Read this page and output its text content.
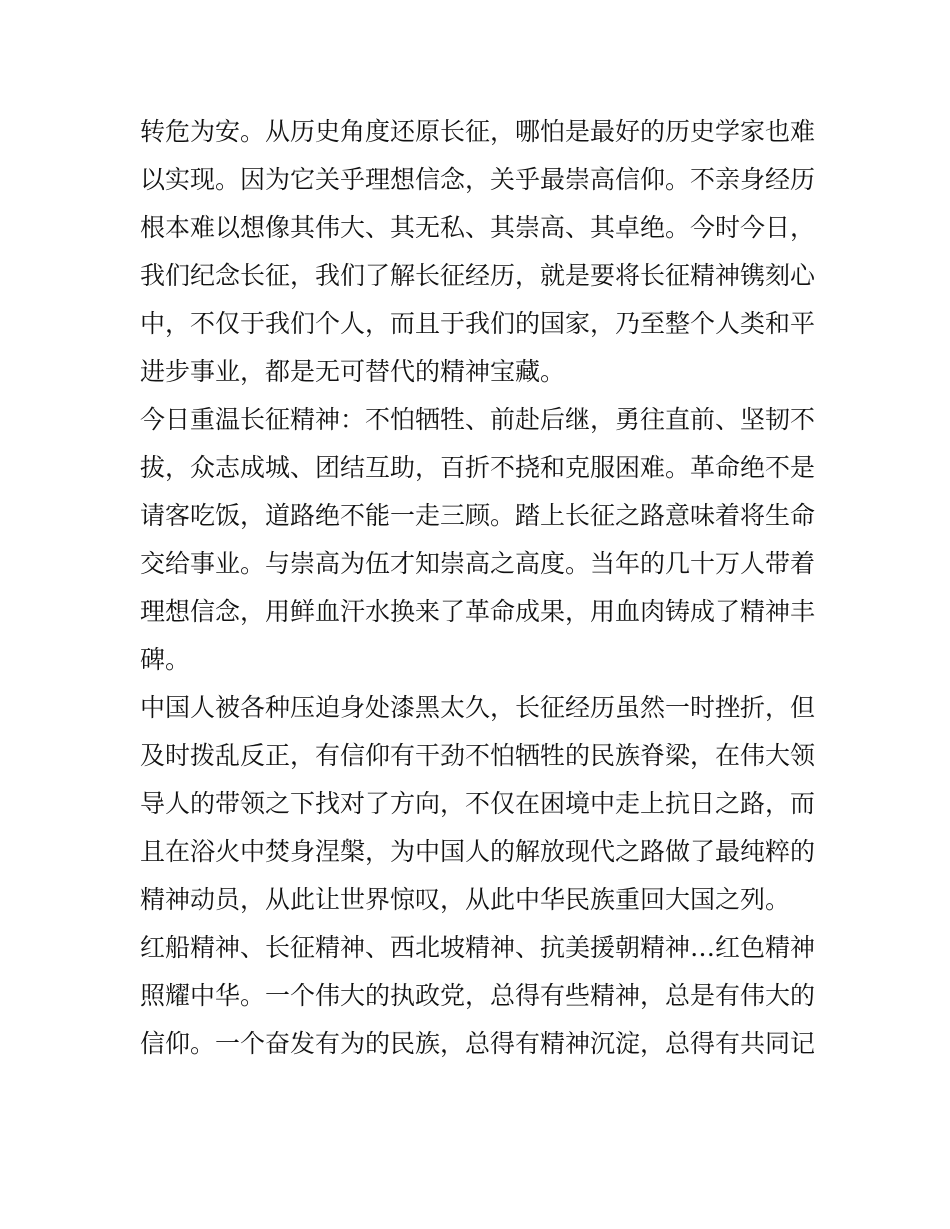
转危为安。从历史角度还原长征，哪怕是最好的历史学家也难
以实现。因为它关乎理想信念，关乎最崇高信仰。不亲身经历
根本难以想像其伟大、其无私、其崇高、其卓绝。今时今日，
我们纪念长征，我们了解长征经历，就是要将长征精神镌刻心
中，不仅于我们个人，而且于我们的国家，乃至整个人类和平
进步事业，都是无可替代的精神宝藏。
今日重温长征精神：不怕牺牲、前赴后继，勇往直前、坚韧不
拔，众志成城、团结互助，百折不挠和克服困难。革命绝不是
请客吃饭，道路绝不能一走三顾。踏上长征之路意味着将生命
交给事业。与崇高为伍才知崇高之高度。当年的几十万人带着
理想信念，用鲜血汗水换来了革命成果，用血肉铸成了精神丰
碑。
中国人被各种压迫身处漆黑太久，长征经历虽然一时挫折，但
及时拨乱反正，有信仰有干劲不怕牺牲的民族脊梁，在伟大领
导人的带领之下找对了方向，不仅在困境中走上抗日之路，而
且在浴火中焚身涅槃，为中国人的解放现代之路做了最纯粹的
精神动员，从此让世界惊叹，从此中华民族重回大国之列。
红船精神、长征精神、西北坡精神、抗美援朝精神…红色精神
照耀中华。一个伟大的执政党，总得有些精神，总是有伟大的
信仰。一个奋发有为的民族，总得有精神沉淀，总得有共同记
